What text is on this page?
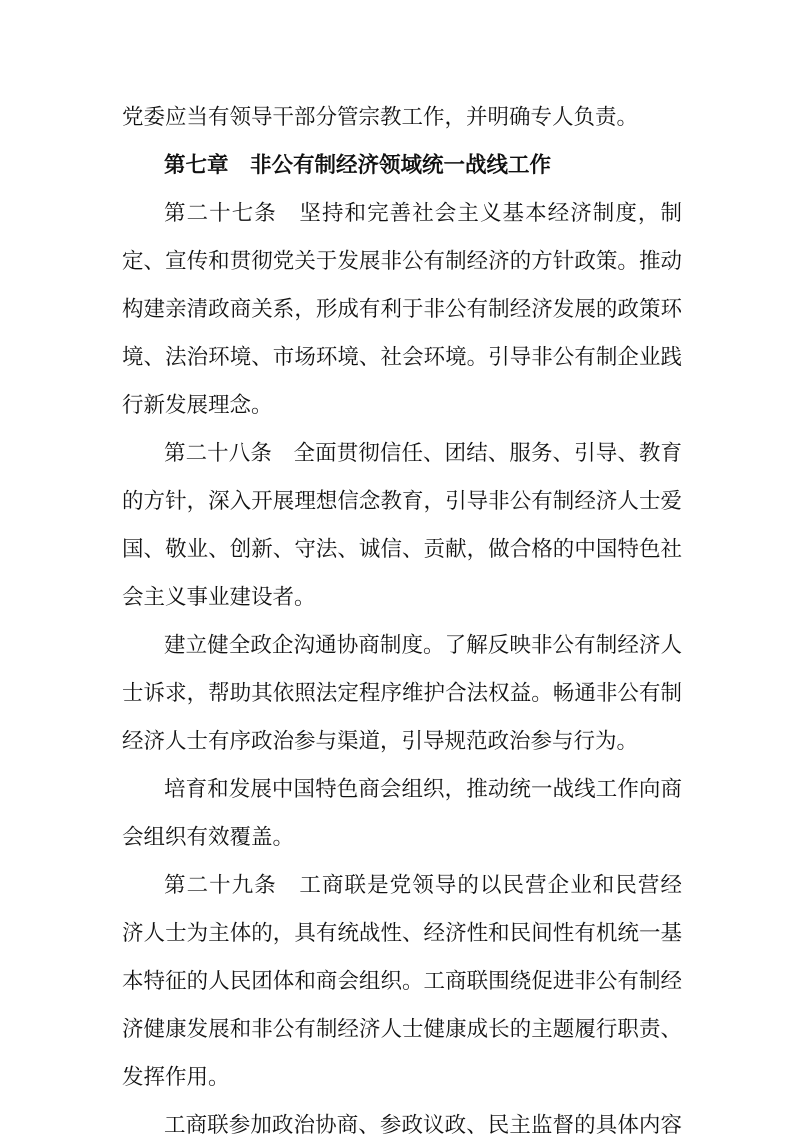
党委应当有领导干部分管宗教工作，并明确专人负责。
第七章　非公有制经济领域统一战线工作
第二十七条　坚持和完善社会主义基本经济制度，制
定、宣传和贯彻党关于发展非公有制经济的方针政策。推动
构建亲清政商关系，形成有利于非公有制经济发展的政策环
境、法治环境、市场环境、社会环境。引导非公有制企业践
行新发展理念。
第二十八条　全面贯彻信任、团结、服务、引导、教育
的方针，深入开展理想信念教育，引导非公有制经济人士爱
国、敬业、创新、守法、诚信、贡献，做合格的中国特色社
会主义事业建设者。
建立健全政企沟通协商制度。了解反映非公有制经济人
士诉求，帮助其依照法定程序维护合法权益。畅通非公有制
经济人士有序政治参与渠道，引导规范政治参与行为。
培育和发展中国特色商会组织，推动统一战线工作向商
会组织有效覆盖。
第二十九条　工商联是党领导的以民营企业和民营经
济人士为主体的，具有统战性、经济性和民间性有机统一基
本特征的人民团体和商会组织。工商联围绕促进非公有制经
济健康发展和非公有制经济人士健康成长的主题履行职责、
发挥作用。
工商联参加政治协商、参政议政、民主监督的具体内容
